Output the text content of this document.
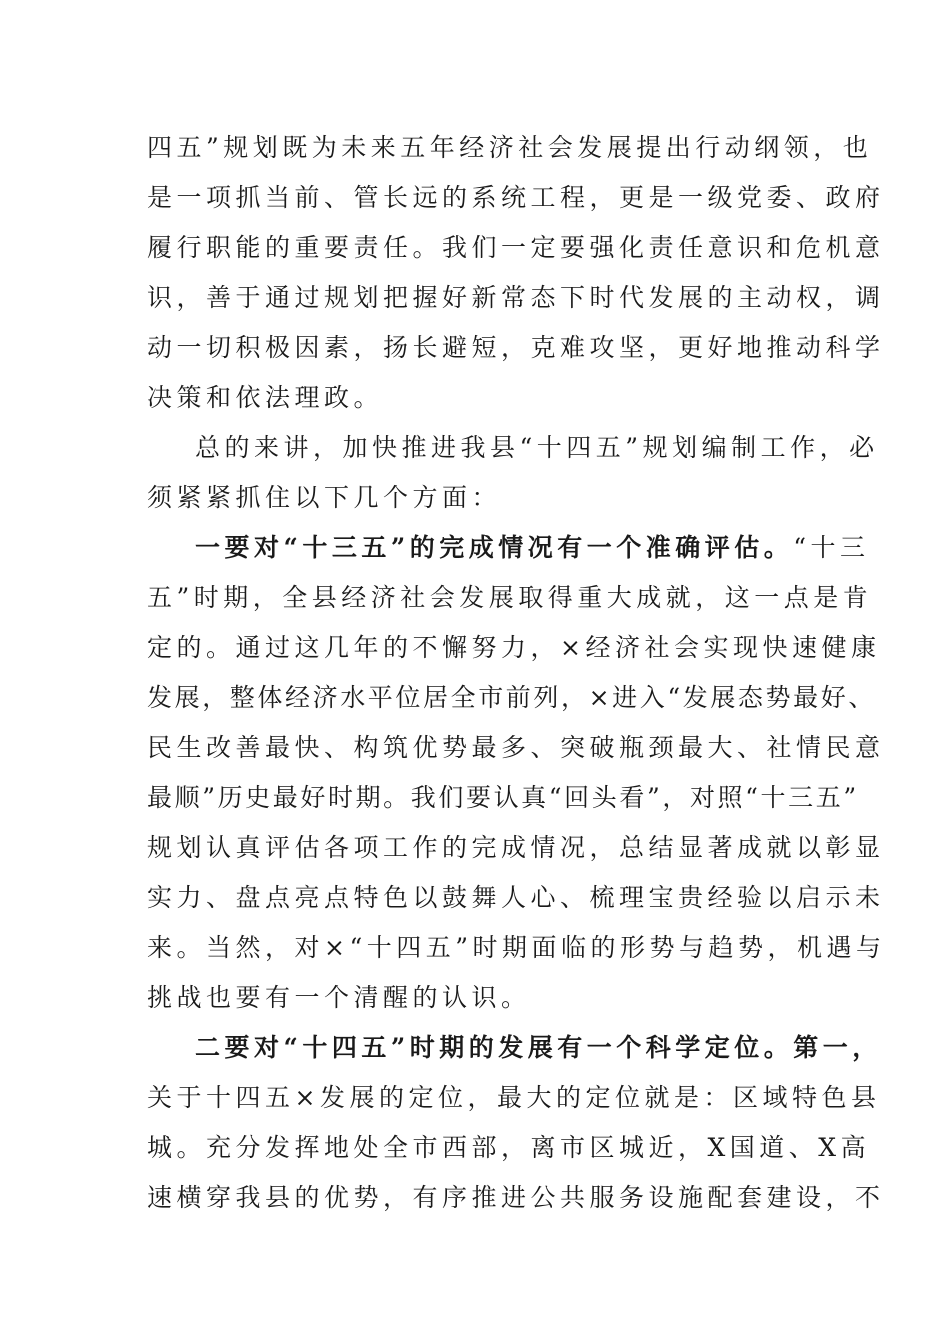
四五”规划既为未来五年经济社会发展提出行动纲领，也
是一项抓当前、管长远的系统工程，更是一级党委、政府
履行职能的重要责任。我们一定要强化责任意识和危机意
识，善于通过规划把握好新常态下时代发展的主动权，调
动一切积极因素，扬长避短，克难攻坚，更好地推动科学
决策和依法理政。
总的来讲，加快推进我县“十四五”规划编制工作，必
须紧紧抓住以下几个方面：
一要对“十三五”的完成情况有一个准确评估。“十三
五”时期，全县经济社会发展取得重大成就，这一点是肯
定的。通过这几年的不懈努力，×经济社会实现快速健康
发展，整体经济水平位居全市前列，×进入“发展态势最好、
民生改善最快、构筑优势最多、突破瓶颈最大、社情民意
最顺”历史最好时期。我们要认真“回头看”，对照“十三五”
规划认真评估各项工作的完成情况，总结显著成就以彰显
实力、盘点亮点特色以鼓舞人心、梳理宝贵经验以启示未
来。当然，对×“十四五”时期面临的形势与趋势，机遇与
挑战也要有一个清醒的认识。
二要对“十四五”时期的发展有一个科学定位。第一，
关于十四五×发展的定位，最大的定位就是：区域特色县
城。充分发挥地处全市西部，离市区城近，X国道、X高
速横穿我县的优势，有序推进公共服务设施配套建设，不
